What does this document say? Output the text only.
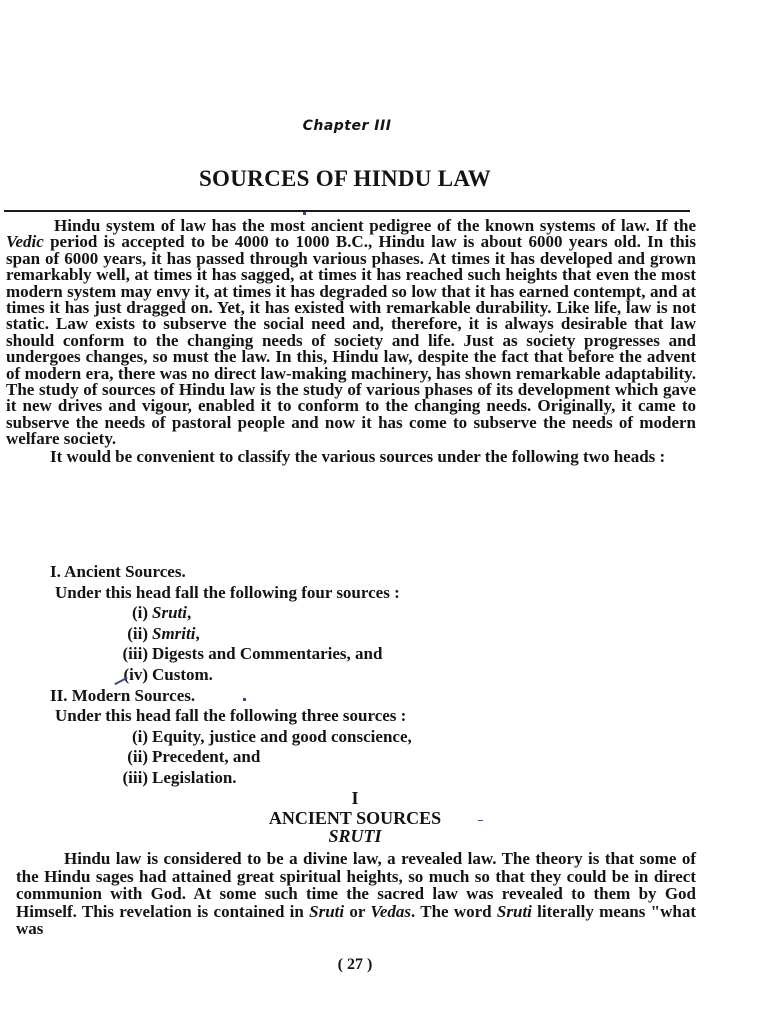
Chapter III
SOURCES OF HINDU LAW

Hindu system of law has the most ancient pedigree of the known systems of law. If the Vedic period is accepted to be 4000 to 1000 B.C., Hindu law is about 6000 years old. In this span of 6000 years, it has passed through various phases. At times it has developed and grown remarkably well, at times it has sagged, at times it has reached such heights that even the most modern system may envy it, at times it has degraded so low that it has earned contempt, and at times it has just dragged on. Yet, it has existed with remarkable durability. Like life, law is not static. Law exists to subserve the social need and, therefore, it is always desirable that law should conform to the changing needs of society and life. Just as society progresses and undergoes changes, so must the law. In this, Hindu law, despite the fact that before the advent of modern era, there was no direct law-making machinery, has shown remarkable adaptability. The study of sources of Hindu law is the study of various phases of its development which gave it new drives and vigour, enabled it to conform to the changing needs. Originally, it came to subserve the needs of pastoral people and now it has come to subserve the needs of modern welfare society.

It would be convenient to classify the various sources under the following two heads :

I. Ancient Sources.
Under this head fall the following four sources :
(i) Sruti,
(ii) Smriti,
(iii) Digests and Commentaries, and
(iv) Custom.
II. Modern Sources.
Under this head fall the following three sources :
(i) Equity, justice and good conscience,
(ii) Precedent, and
(iii) Legislation.
I
ANCIENT SOURCES
SRUTI

Hindu law is considered to be a divine law, a revealed law. The theory is that some of the Hindu sages had attained great spiritual heights, so much so that they could be in direct communion with God. At some such time the sacred law was revealed to them by God Himself. This revelation is contained in Sruti or Vedas. The word Sruti literally means "what was

( 27 )
